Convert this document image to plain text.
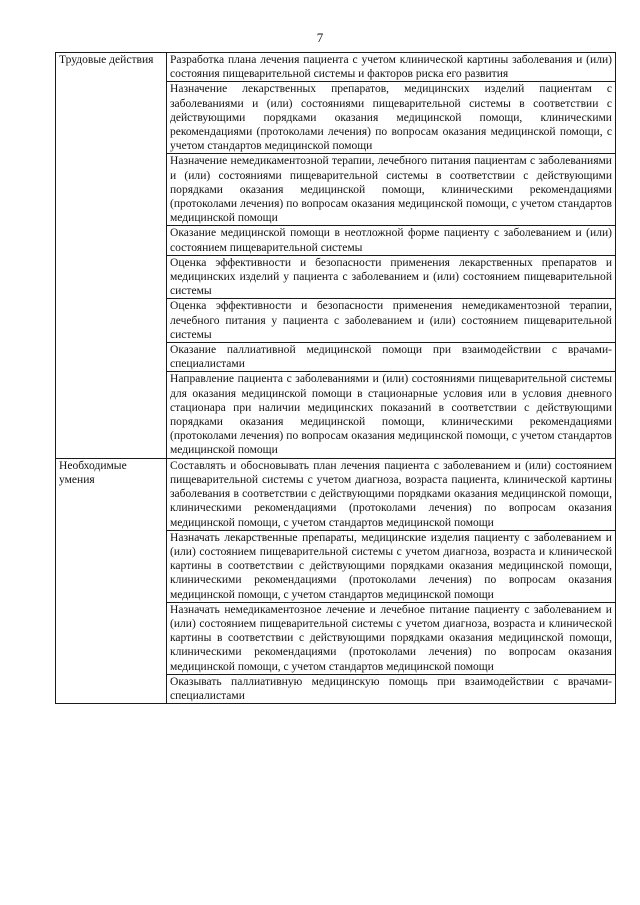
7
Трудовые действия	Разработка плана лечения пациента с учетом клинической картины заболевания и (или) состояния пищеварительной системы и факторов риска его развития

	Назначение лекарственных препаратов, медицинских изделий пациентам с заболеваниями и (или) состояниями пищеварительной системы в соответствии с действующими порядками оказания медицинской помощи, клиническими рекомендациями (протоколами лечения) по вопросам оказания медицинской помощи, с учетом стандартов медицинской помощи

	Назначение немедикаментозной терапии, лечебного питания пациентам с заболеваниями и (или) состояниями пищеварительной системы в соответствии с действующими порядками оказания медицинской помощи, клиническими рекомендациями (протоколами лечения) по вопросам оказания медицинской помощи, с учетом стандартов медицинской помощи

	Оказание медицинской помощи в неотложной форме пациенту с заболеванием и (или) состоянием пищеварительной системы

	Оценка эффективности и безопасности применения лекарственных препаратов и медицинских изделий у пациента с заболеванием и (или) состоянием пищеварительной системы

	Оценка эффективности и безопасности применения немедикаментозной терапии, лечебного питания у пациента с заболеванием и (или) состоянием пищеварительной системы

	Оказание паллиативной медицинской помощи при взаимодействии с врачами-специалистами

	Направление пациента с заболеваниями и (или) состояниями пищеварительной системы для оказания медицинской помощи в стационарные условия или в условия дневного стационара при наличии медицинских показаний в соответствии с действующими порядками оказания медицинской помощи, клиническими рекомендациями (протоколами лечения) по вопросам оказания медицинской помощи, с учетом стандартов медицинской помощи

Необходимые умения	Составлять и обосновывать план лечения пациента с заболеванием и (или) состоянием пищеварительной системы с учетом диагноза, возраста пациента, клинической картины заболевания в соответствии с действующими порядками оказания медицинской помощи, клиническими рекомендациями (протоколами лечения) по вопросам оказания медицинской помощи, с учетом стандартов медицинской помощи

	Назначать лекарственные препараты, медицинские изделия пациенту с заболеванием и (или) состоянием пищеварительной системы с учетом диагноза, возраста и клинической картины в соответствии с действующими порядками оказания медицинской помощи, клиническими рекомендациями (протоколами лечения) по вопросам оказания медицинской помощи, с учетом стандартов медицинской помощи

	Назначать немедикаментозное лечение и лечебное питание пациенту с заболеванием и (или) состоянием пищеварительной системы с учетом диагноза, возраста и клинической картины в соответствии с действующими порядками оказания медицинской помощи, клиническими рекомендациями (протоколами лечения) по вопросам оказания медицинской помощи, с учетом стандартов медицинской помощи

	Оказывать паллиативную медицинскую помощь при взаимодействии с врачами-специалистами
